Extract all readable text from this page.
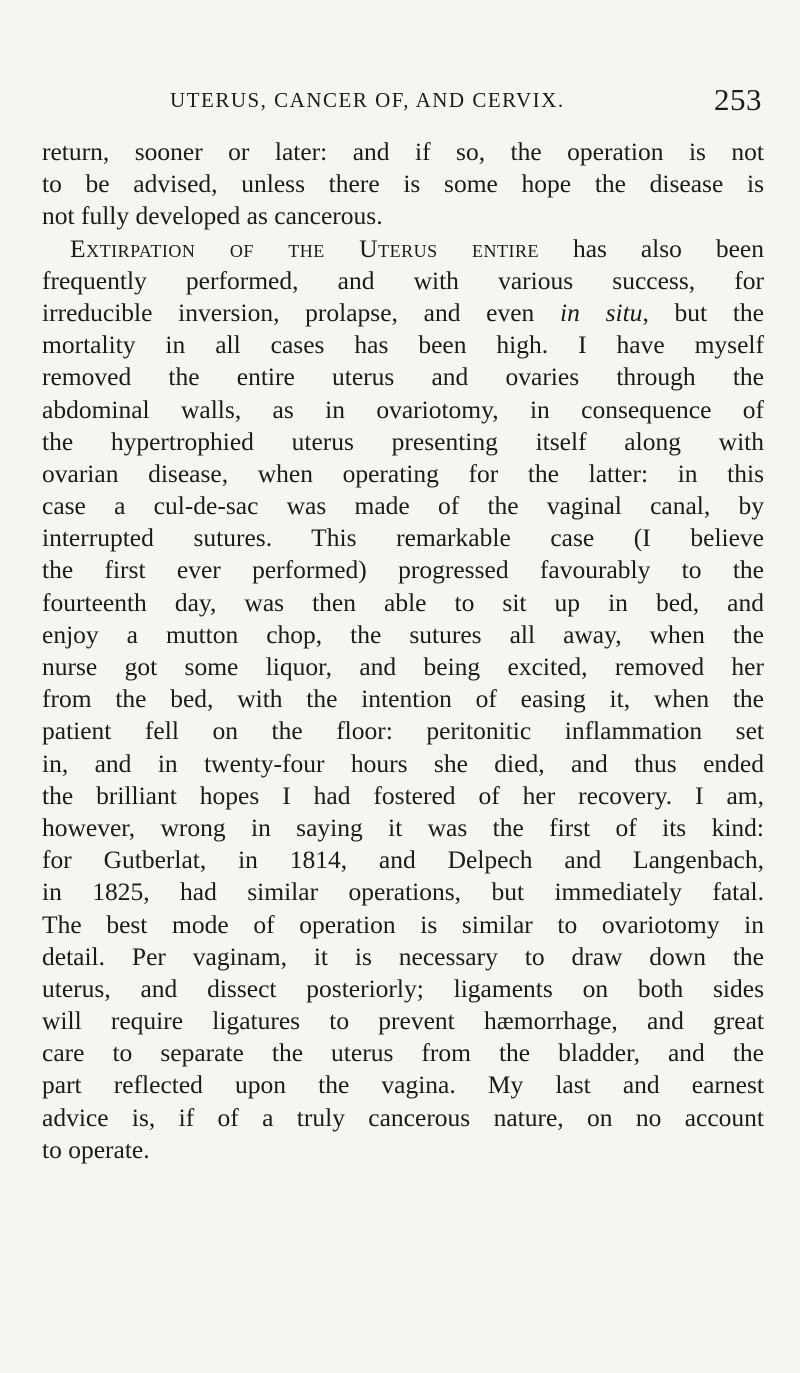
UTERUS, CANCER OF, AND CERVIX.	253
return, sooner or later: and if so, the operation is not
to be advised, unless there is some hope the disease is
not fully developed as cancerous.
Extirpation of the Uterus entire has also been
frequently performed, and with various success, for
irreducible inversion, prolapse, and even in situ, but the
mortality in all cases has been high. I have myself
removed the entire uterus and ovaries through the
abdominal walls, as in ovariotomy, in consequence of
the hypertrophied uterus presenting itself along with
ovarian disease, when operating for the latter: in this
case a cul-de-sac was made of the vaginal canal, by
interrupted sutures. This remarkable case (I believe
the first ever performed) progressed favourably to the
fourteenth day, was then able to sit up in bed, and
enjoy a mutton chop, the sutures all away, when the
nurse got some liquor, and being excited, removed her
from the bed, with the intention of easing it, when the
patient fell on the floor: peritonitic inflammation set
in, and in twenty-four hours she died, and thus ended
the brilliant hopes I had fostered of her recovery. I am,
however, wrong in saying it was the first of its kind:
for Gutberlat, in 1814, and Delpech and Langenbach,
in 1825, had similar operations, but immediately fatal.
The best mode of operation is similar to ovariotomy in
detail. Per vaginam, it is necessary to draw down the
uterus, and dissect posteriorly; ligaments on both sides
will require ligatures to prevent hæmorrhage, and great
care to separate the uterus from the bladder, and the
part reflected upon the vagina. My last and earnest
advice is, if of a truly cancerous nature, on no account
to operate.
